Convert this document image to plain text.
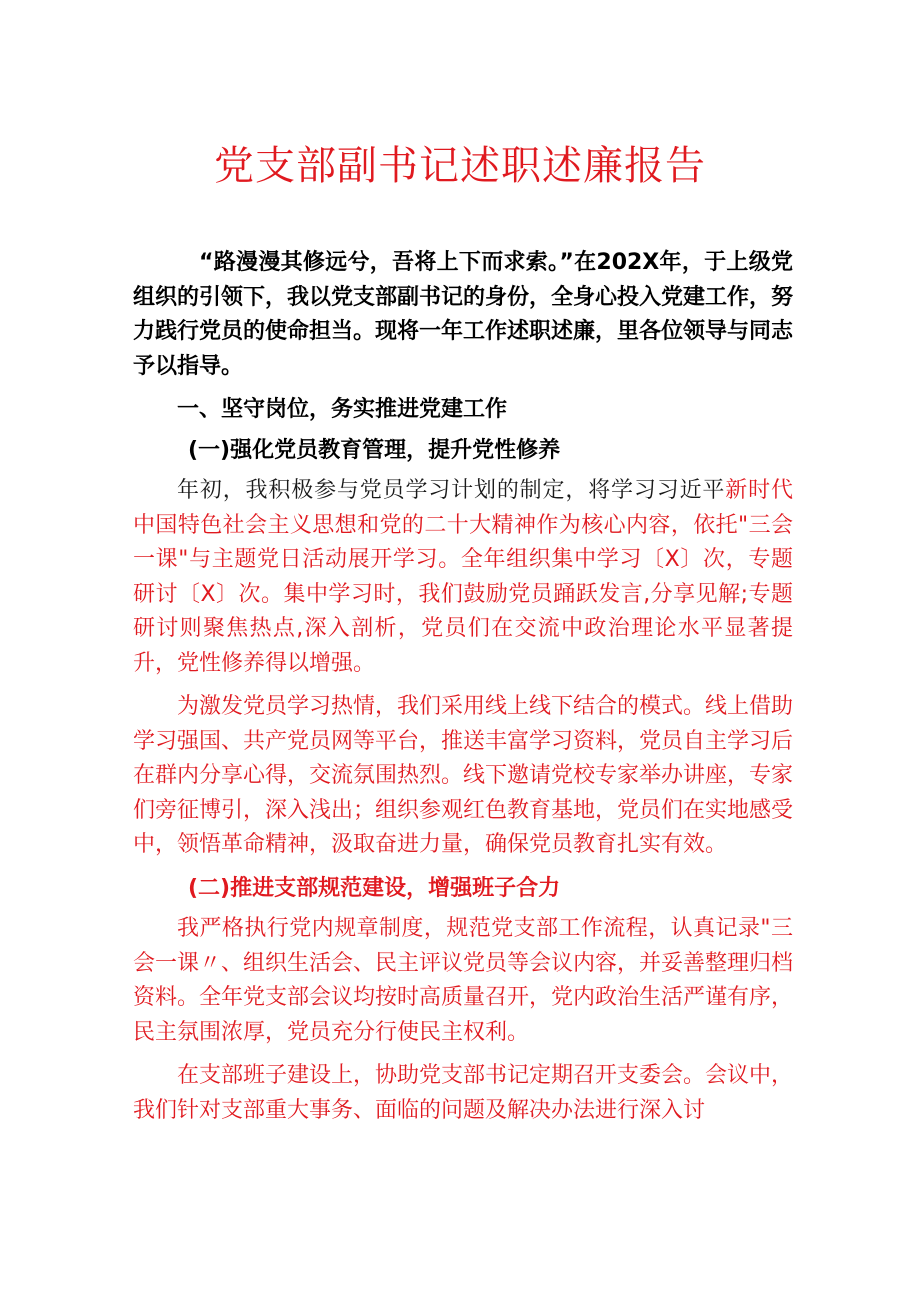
党支部副书记述职述廉报告

“路漫漫其修远兮，吾将上下而求索。”在202X年，于上级党组织的引领下，我以党支部副书记的身份，全身心投入党建工作，努力践行党员的使命担当。现将一年工作述职述廉，里各位领导与同志予以指导。

一、坚守岗位，务实推进党建工作

(一)强化党员教育管理，提升党性修养

年初，我积极参与党员学习计划的制定，将学习习近平新时代中国特色社会主义思想和党的二十大精神作为核心内容，依托"三会一课"与主题党日活动展开学习。全年组织集中学习〔X〕次，专题研讨〔X〕次。集中学习时，我们鼓励党员踊跃发言,分享见解;专题研讨则聚焦热点,深入剖析，党员们在交流中政治理论水平显著提升，党性修养得以增强。

为激发党员学习热情，我们采用线上线下结合的模式。线上借助学习强国、共产党员网等平台，推送丰富学习资料，党员自主学习后在群内分享心得，交流氛围热烈。线下邀请党校专家举办讲座，专家们旁征博引，深入浅出；组织参观红色教育基地，党员们在实地感受中，领悟革命精神，汲取奋进力量，确保党员教育扎实有效。

(二)推进支部规范建设，增强班子合力

我严格执行党内规章制度，规范党支部工作流程，认真记录"三会一课〃、组织生活会、民主评议党员等会议内容，并妥善整理归档资料。全年党支部会议均按时高质量召开，党内政治生活严谨有序，民主氛围浓厚，党员充分行使民主权利。

在支部班子建设上，协助党支部书记定期召开支委会。会议中，我们针对支部重大事务、面临的问题及解决办法进行深入讨
